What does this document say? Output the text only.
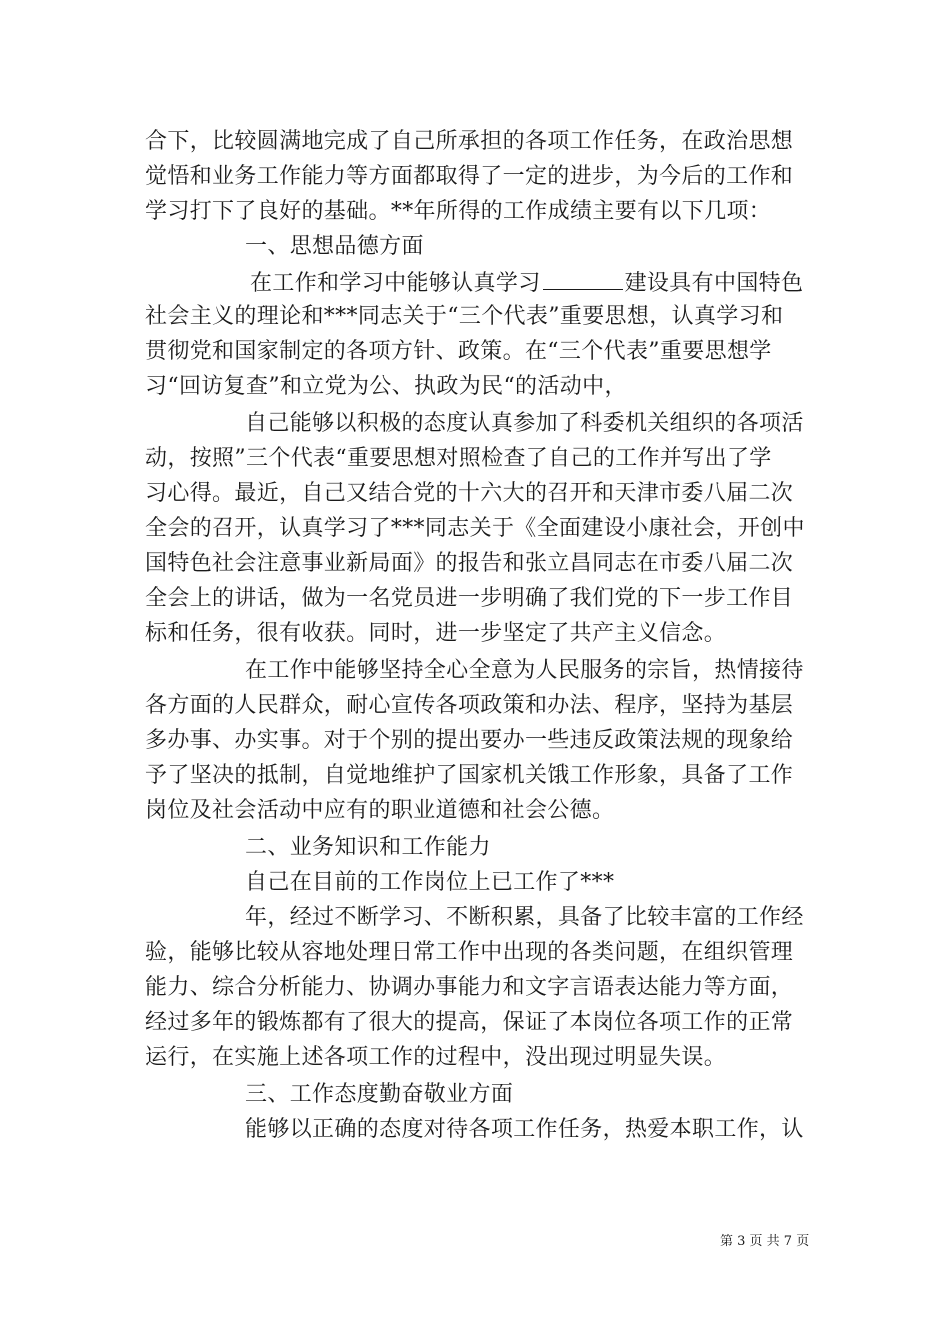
合下，比较圆满地完成了自己所承担的各项工作任务，在政治思想
觉悟和业务工作能力等方面都取得了一定的进步，为今后的工作和
学习打下了良好的基础。**年所得的工作成绩主要有以下几项：
一、思想品德方面
在工作和学习中能够认真学习	建设具有中国特色
社会主义的理论和***同志关于“三个代表”重要思想，认真学习和
贯彻党和国家制定的各项方针、政策。在“三个代表”重要思想学
习“回访复查”和立党为公、执政为民“的活动中，
自己能够以积极的态度认真参加了科委机关组织的各项活
动，按照”三个代表“重要思想对照检查了自己的工作并写出了学
习心得。最近，自己又结合党的十六大的召开和天津市委八届二次
全会的召开，认真学习了***同志关于《全面建设小康社会，开创中
国特色社会注意事业新局面》的报告和张立昌同志在市委八届二次
全会上的讲话，做为一名党员进一步明确了我们党的下一步工作目
标和任务，很有收获。同时，进一步坚定了共产主义信念。
在工作中能够坚持全心全意为人民服务的宗旨，热情接待
各方面的人民群众，耐心宣传各项政策和办法、程序，坚持为基层
多办事、办实事。对于个别的提出要办一些违反政策法规的现象给
予了坚决的抵制，自觉地维护了国家机关饿工作形象，具备了工作
岗位及社会活动中应有的职业道德和社会公德。
二、业务知识和工作能力
自己在目前的工作岗位上已工作了***
年，经过不断学习、不断积累，具备了比较丰富的工作经
验，能够比较从容地处理日常工作中出现的各类问题，在组织管理
能力、综合分析能力、协调办事能力和文字言语表达能力等方面，
经过多年的锻炼都有了很大的提高，保证了本岗位各项工作的正常
运行，在实施上述各项工作的过程中，没出现过明显失误。
三、工作态度勤奋敬业方面
能够以正确的态度对待各项工作任务，热爱本职工作，认
第 3 页 共 7 页
